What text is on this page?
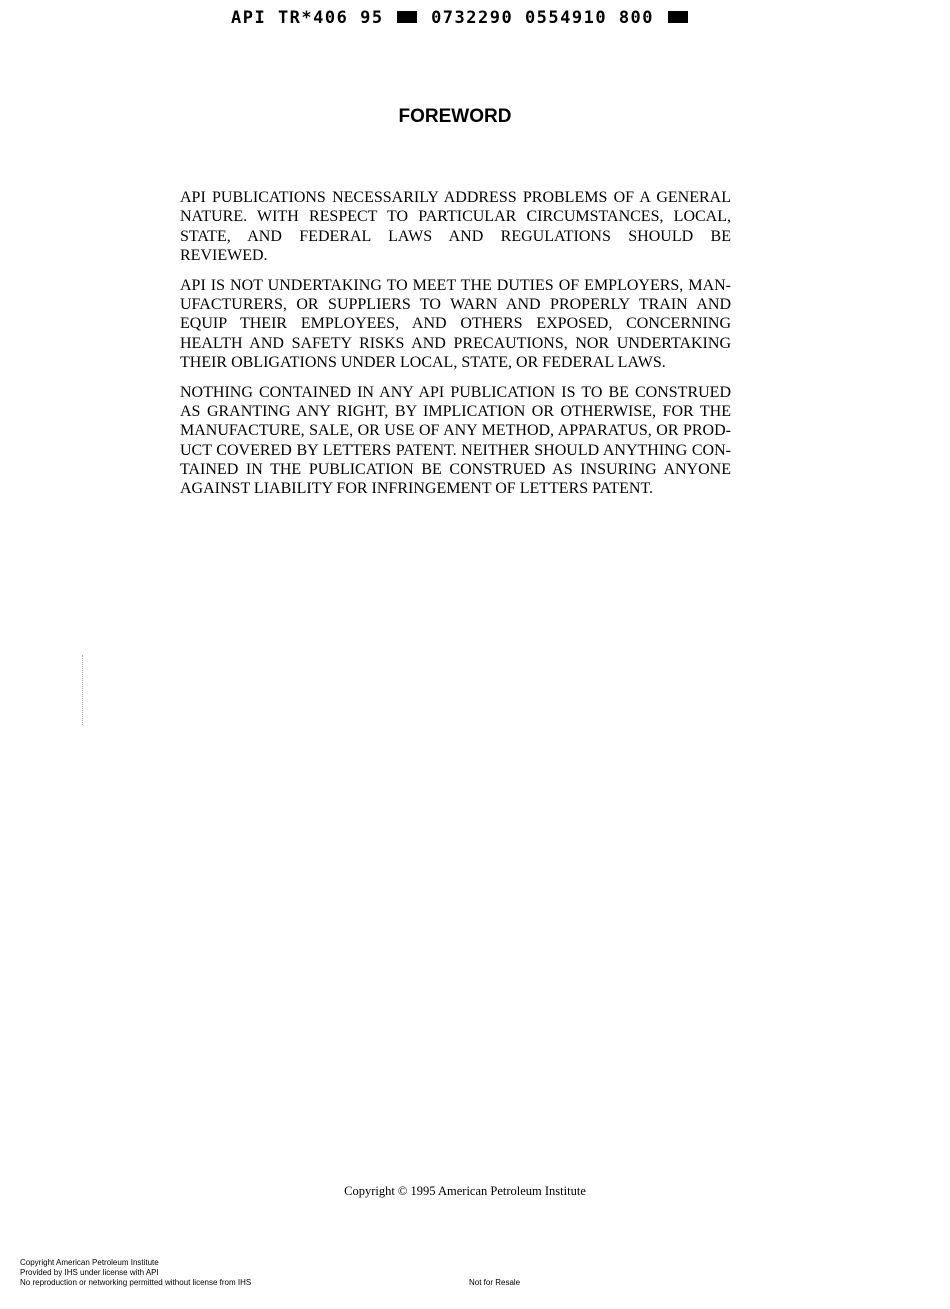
API TR*406 95	0732290 0554910 800
FOREWORD
API PUBLICATIONS NECESSARILY ADDRESS PROBLEMS OF A GENERAL
NATURE. WITH RESPECT TO PARTICULAR CIRCUMSTANCES, LOCAL,
STATE, AND FEDERAL LAWS AND REGULATIONS SHOULD BE
REVIEWED.
API IS NOT UNDERTAKING TO MEET THE DUTIES OF EMPLOYERS, MAN-
UFACTURERS, OR SUPPLIERS TO WARN AND PROPERLY TRAIN AND
EQUIP THEIR EMPLOYEES, AND OTHERS EXPOSED, CONCERNING
HEALTH AND SAFETY RISKS AND PRECAUTIONS, NOR UNDERTAKING
THEIR OBLIGATIONS UNDER LOCAL, STATE, OR FEDERAL LAWS.
NOTHING CONTAINED IN ANY API PUBLICATION IS TO BE CONSTRUED
AS GRANTING ANY RIGHT, BY IMPLICATION OR OTHERWISE, FOR THE
MANUFACTURE, SALE, OR USE OF ANY METHOD, APPARATUS, OR PROD-
UCT COVERED BY LETTERS PATENT. NEITHER SHOULD ANYTHING CON-
TAINED IN THE PUBLICATION BE CONSTRUED AS INSURING ANYONE
AGAINST LIABILITY FOR INFRINGEMENT OF LETTERS PATENT.
Copyright © 1995 American Petroleum Institute
Copyright American Petroleum Institute
Provided by IHS under license with API
No reproduction or networking permitted without license from IHS	Not for Resale
